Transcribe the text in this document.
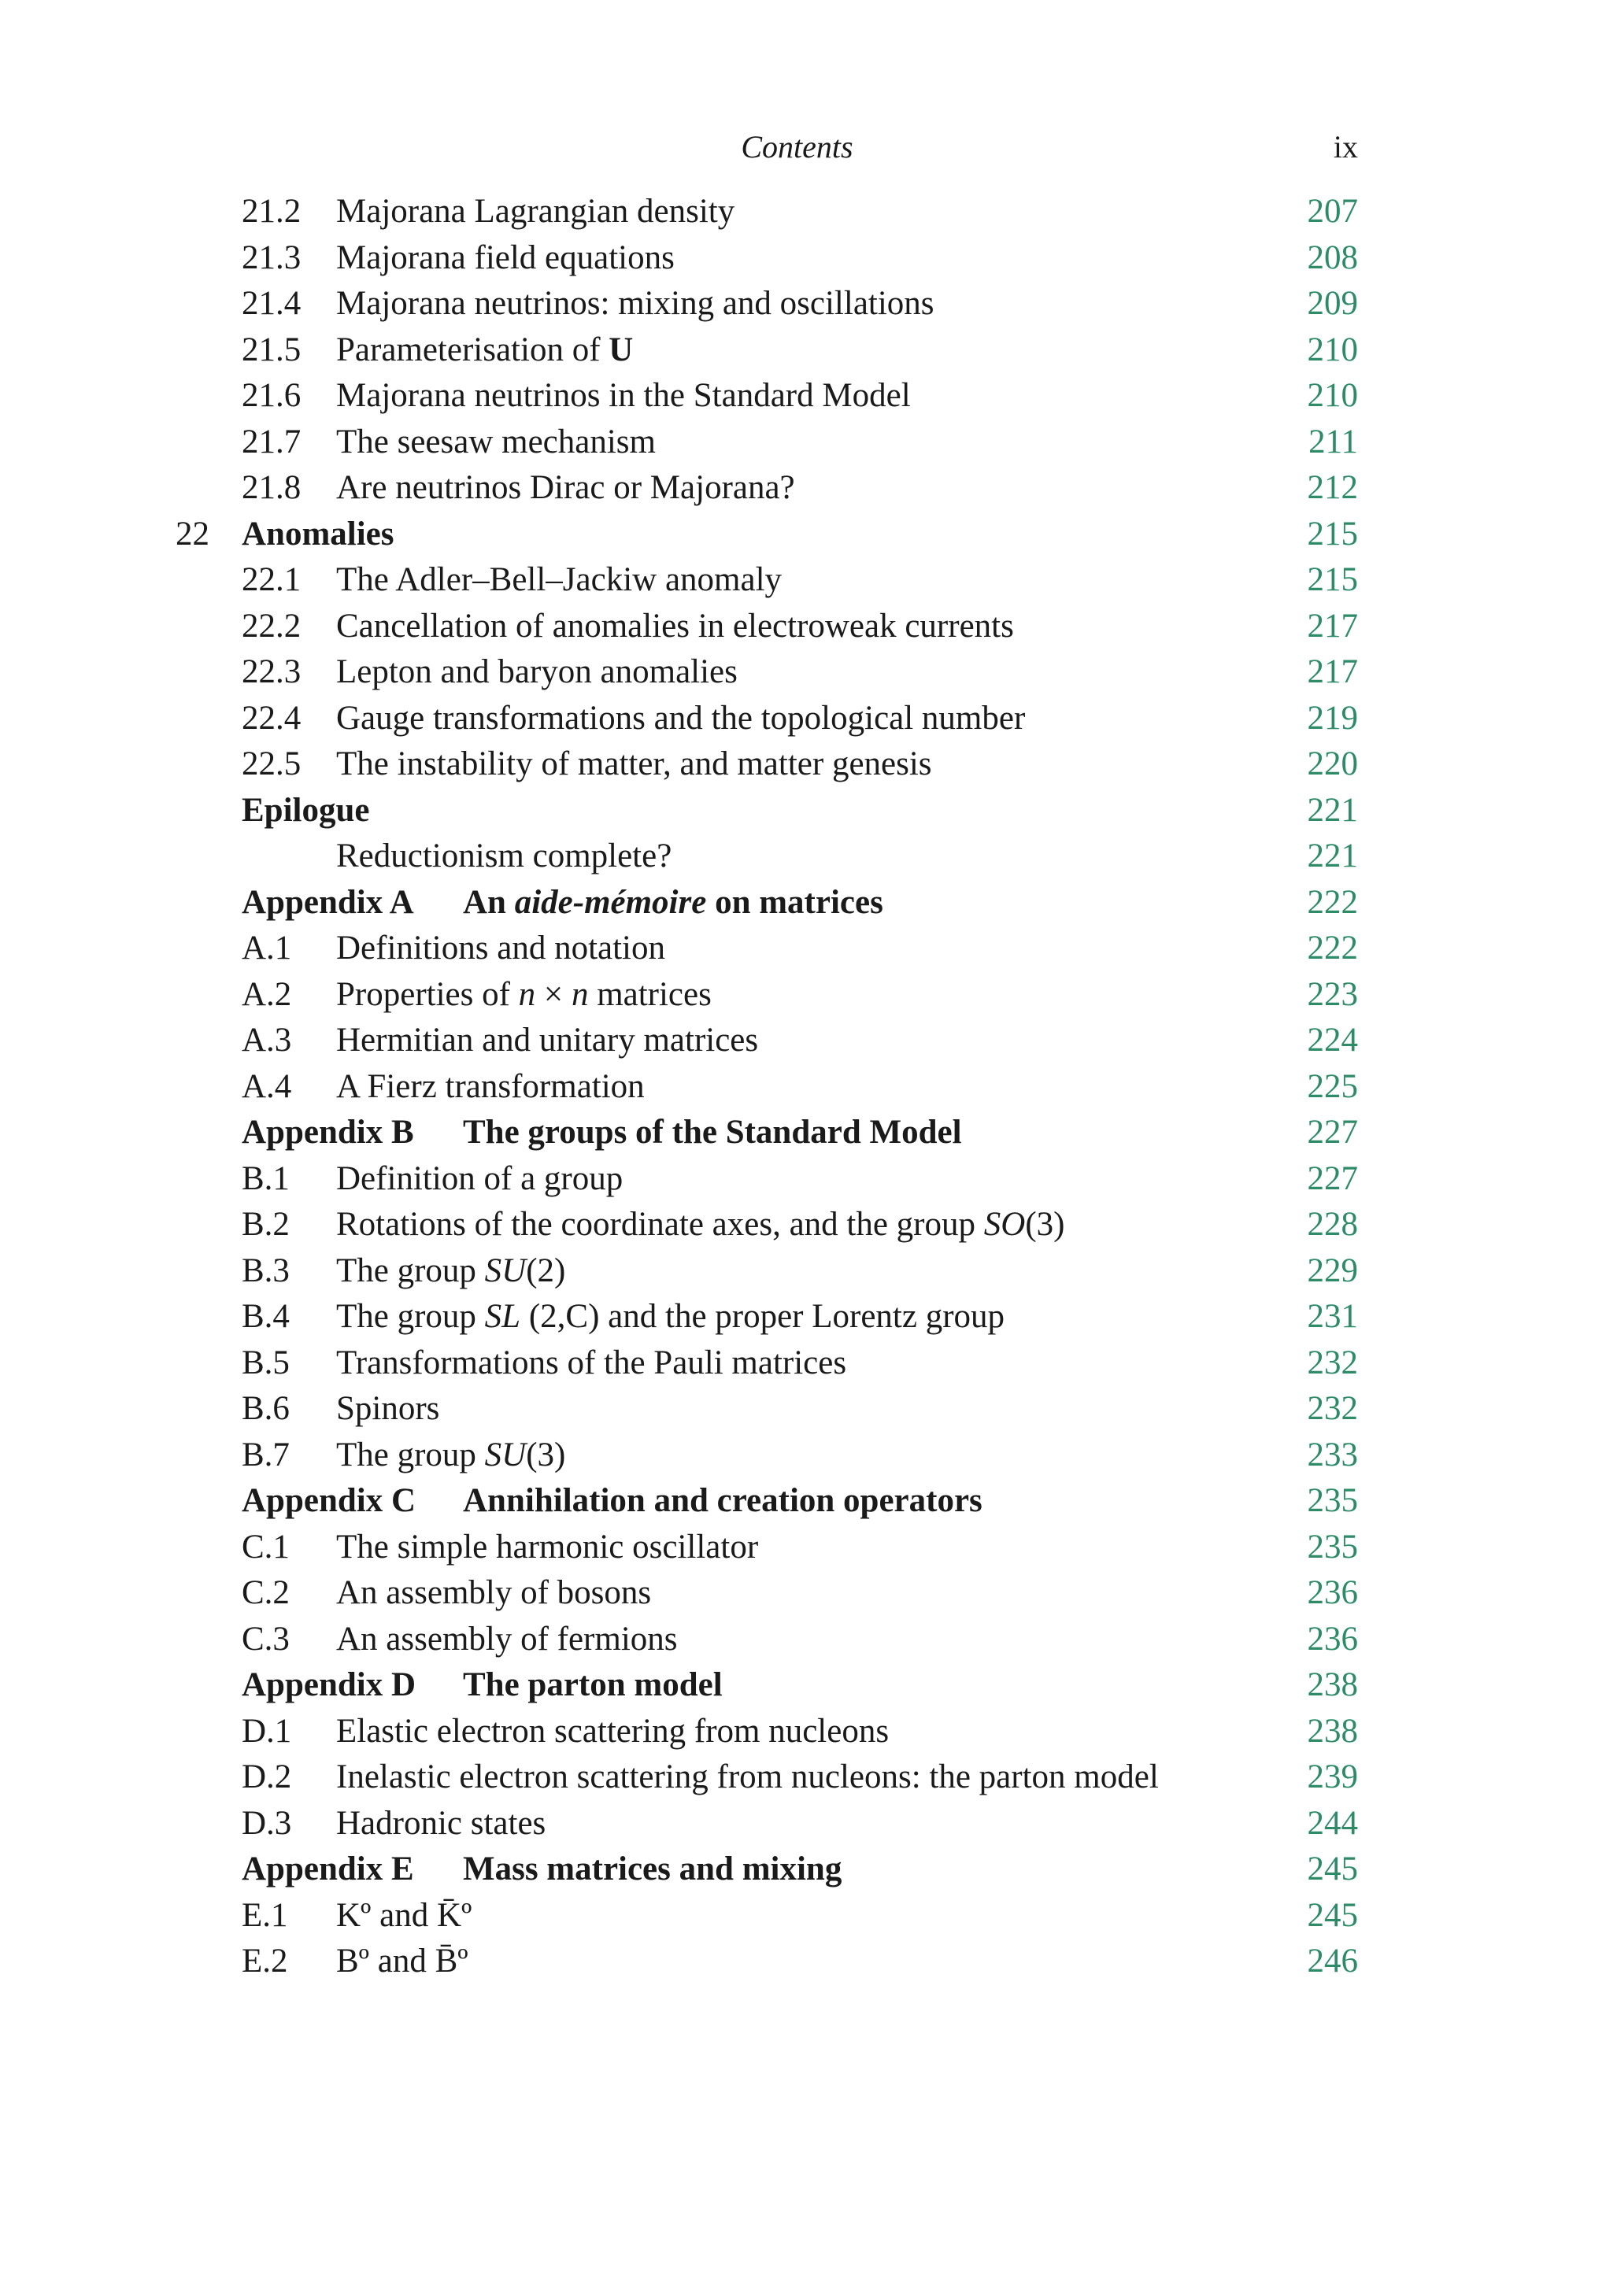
Contents	ix
21.2 Majorana Lagrangian density	207
21.3 Majorana field equations	208
21.4 Majorana neutrinos: mixing and oscillations	209
21.5 Parameterisation of U	210
21.6 Majorana neutrinos in the Standard Model	210
21.7 The seesaw mechanism	211
21.8 Are neutrinos Dirac or Majorana?	212
22 Anomalies	215
22.1 The Adler–Bell–Jackiw anomaly	215
22.2 Cancellation of anomalies in electroweak currents	217
22.3 Lepton and baryon anomalies	217
22.4 Gauge transformations and the topological number	219
22.5 The instability of matter, and matter genesis	220
Epilogue	221
Reductionism complete?	221
Appendix A An aide-mémoire on matrices	222
A.1 Definitions and notation	222
A.2 Properties of n × n matrices	223
A.3 Hermitian and unitary matrices	224
A.4 A Fierz transformation	225
Appendix B The groups of the Standard Model	227
B.1 Definition of a group	227
B.2 Rotations of the coordinate axes, and the group SO(3)	228
B.3 The group SU(2)	229
B.4 The group SL (2,C) and the proper Lorentz group	231
B.5 Transformations of the Pauli matrices	232
B.6 Spinors	232
B.7 The group SU(3)	233
Appendix C Annihilation and creation operators	235
C.1 The simple harmonic oscillator	235
C.2 An assembly of bosons	236
C.3 An assembly of fermions	236
Appendix D The parton model	238
D.1 Elastic electron scattering from nucleons	238
D.2 Inelastic electron scattering from nucleons: the parton model	239
D.3 Hadronic states	244
Appendix E Mass matrices and mixing	245
E.1 Kº and K̄º	245
E.2 Bº and B̄º	246
